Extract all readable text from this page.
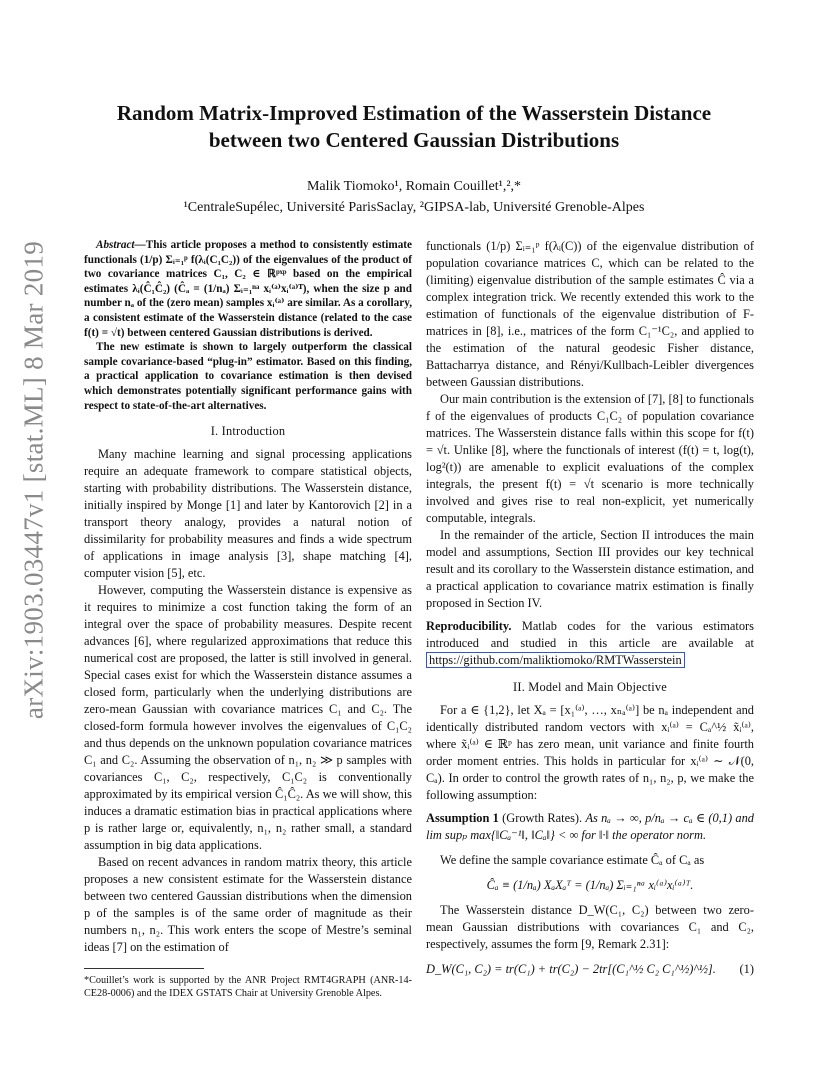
arXiv:1903.03447v1 [stat.ML] 8 Mar 2019
Random Matrix-Improved Estimation of the Wasserstein Distance
between two Centered Gaussian Distributions
Malik Tiomoko¹, Romain Couillet¹,²,*
¹CentraleSupélec, Université ParisSaclay, ²GIPSA-lab, Université Grenoble-Alpes

Abstract—This article proposes a method to consistently estimate functionals (1/p) Σᵢ₌₁ᵖ f(λᵢ(C₁C₂)) of the eigenvalues of the product of two covariance matrices C₁, C₂ ∈ ℝᵖˣᵖ based on the empirical estimates λᵢ(Ĉ₁Ĉ₂) (Ĉₐ = (1/nₐ) Σᵢ₌₁ⁿᵃ xᵢ⁽ᵃ⁾xᵢ⁽ᵃ⁾ᵀ), when the size p and number nₐ of the (zero mean) samples xᵢ⁽ᵃ⁾ are similar. As a corollary, a consistent estimate of the Wasserstein distance (related to the case f(t) = √t) between centered Gaussian distributions is derived.

The new estimate is shown to largely outperform the classical sample covariance-based “plug-in” estimator. Based on this finding, a practical application to covariance estimation is then devised which demonstrates potentially significant performance gains with respect to state-of-the-art alternatives.

I. Introduction

Many machine learning and signal processing applications require an adequate framework to compare statistical objects, starting with probability distributions. The Wasserstein distance, initially inspired by Monge [1] and later by Kantorovich [2] in a transport theory analogy, provides a natural notion of dissimilarity for probability measures and finds a wide spectrum of applications in image analysis [3], shape matching [4], computer vision [5], etc.

However, computing the Wasserstein distance is expensive as it requires to minimize a cost function taking the form of an integral over the space of probability measures. Despite recent advances [6], where regularized approximations that reduce this numerical cost are proposed, the latter is still involved in general. Special cases exist for which the Wasserstein distance assumes a closed form, particularly when the underlying distributions are zero-mean Gaussian with covariance matrices C₁ and C₂. The closed-form formula however involves the eigenvalues of C₁C₂ and thus depends on the unknown population covariance matrices C₁ and C₂. Assuming the observation of n₁, n₂ ≫ p samples with covariances C₁, C₂, respectively, C₁C₂ is conventionally approximated by its empirical version Ĉ₁Ĉ₂. As we will show, this induces a dramatic estimation bias in practical applications where p is rather large or, equivalently, n₁, n₂ rather small, a standard assumption in big data applications.

Based on recent advances in random matrix theory, this article proposes a new consistent estimate for the Wasserstein distance between two centered Gaussian distributions when the dimension p of the samples is of the same order of magnitude as their numbers n₁, n₂. This work enters the scope of Mestre’s seminal ideas [7] on the estimation of

*Couillet’s work is supported by the ANR Project RMT4GRAPH (ANR-14-CE28-0006) and the IDEX GSTATS Chair at University Grenoble Alpes.

functionals (1/p) Σᵢ₌₁ᵖ f(λᵢ(C)) of the eigenvalue distribution of population covariance matrices C, which can be related to the (limiting) eigenvalue distribution of the sample estimates Ĉ via a complex integration trick. We recently extended this work to the estimation of functionals of the eigenvalue distribution of F-matrices in [8], i.e., matrices of the form C₁⁻¹C₂, and applied to the estimation of the natural geodesic Fisher distance, Battacharrya distance, and Rényi/Kullbach-Leibler divergences between Gaussian distributions.

Our main contribution is the extension of [7], [8] to functionals f of the eigenvalues of products C₁C₂ of population covariance matrices. The Wasserstein distance falls within this scope for f(t) = √t. Unlike [8], where the functionals of interest (f(t) = t, log(t), log²(t)) are amenable to explicit evaluations of the complex integrals, the present f(t) = √t scenario is more technically involved and gives rise to real non-explicit, yet numerically computable, integrals.

In the remainder of the article, Section II introduces the main model and assumptions, Section III provides our key technical result and its corollary to the Wasserstein distance estimation, and a practical application to covariance matrix estimation is finally proposed in Section IV.

Reproducibility. Matlab codes for the various estimators introduced and studied in this article are available at https://github.com/maliktiomoko/RMTWasserstein

II. Model and Main Objective

For a ∈ {1,2}, let Xₐ = [x₁⁽ᵃ⁾, …, xₙₐ⁽ᵃ⁾] be nₐ independent and identically distributed random vectors with xᵢ⁽ᵃ⁾ = Cₐ^½ x̃ᵢ⁽ᵃ⁾, where x̃ᵢ⁽ᵃ⁾ ∈ ℝᵖ has zero mean, unit variance and finite fourth order moment entries. This holds in particular for xᵢ⁽ᵃ⁾ ∼ 𝒩(0, Cₐ). In order to control the growth rates of n₁, n₂, p, we make the following assumption:

Assumption 1 (Growth Rates). As nₐ → ∞, p/nₐ → cₐ ∈ (0,1) and lim supₚ max{‖Cₐ⁻¹‖, ‖Cₐ‖} < ∞ for ‖·‖ the operator norm.

We define the sample covariance estimate Ĉₐ of Cₐ as

Ĉₐ ≡ (1/nₐ) XₐXₐᵀ = (1/nₐ) Σᵢ₌₁ⁿᵃ xᵢ⁽ᵃ⁾xᵢ⁽ᵃ⁾ᵀ.

The Wasserstein distance D_W(C₁, C₂) between two zero-mean Gaussian distributions with covariances C₁ and C₂, respectively, assumes the form [9, Remark 2.31]:

D_W(C₁, C₂) = tr(C₁) + tr(C₂) − 2tr[(C₁^½ C₂ C₁^½)^½]. (1)
